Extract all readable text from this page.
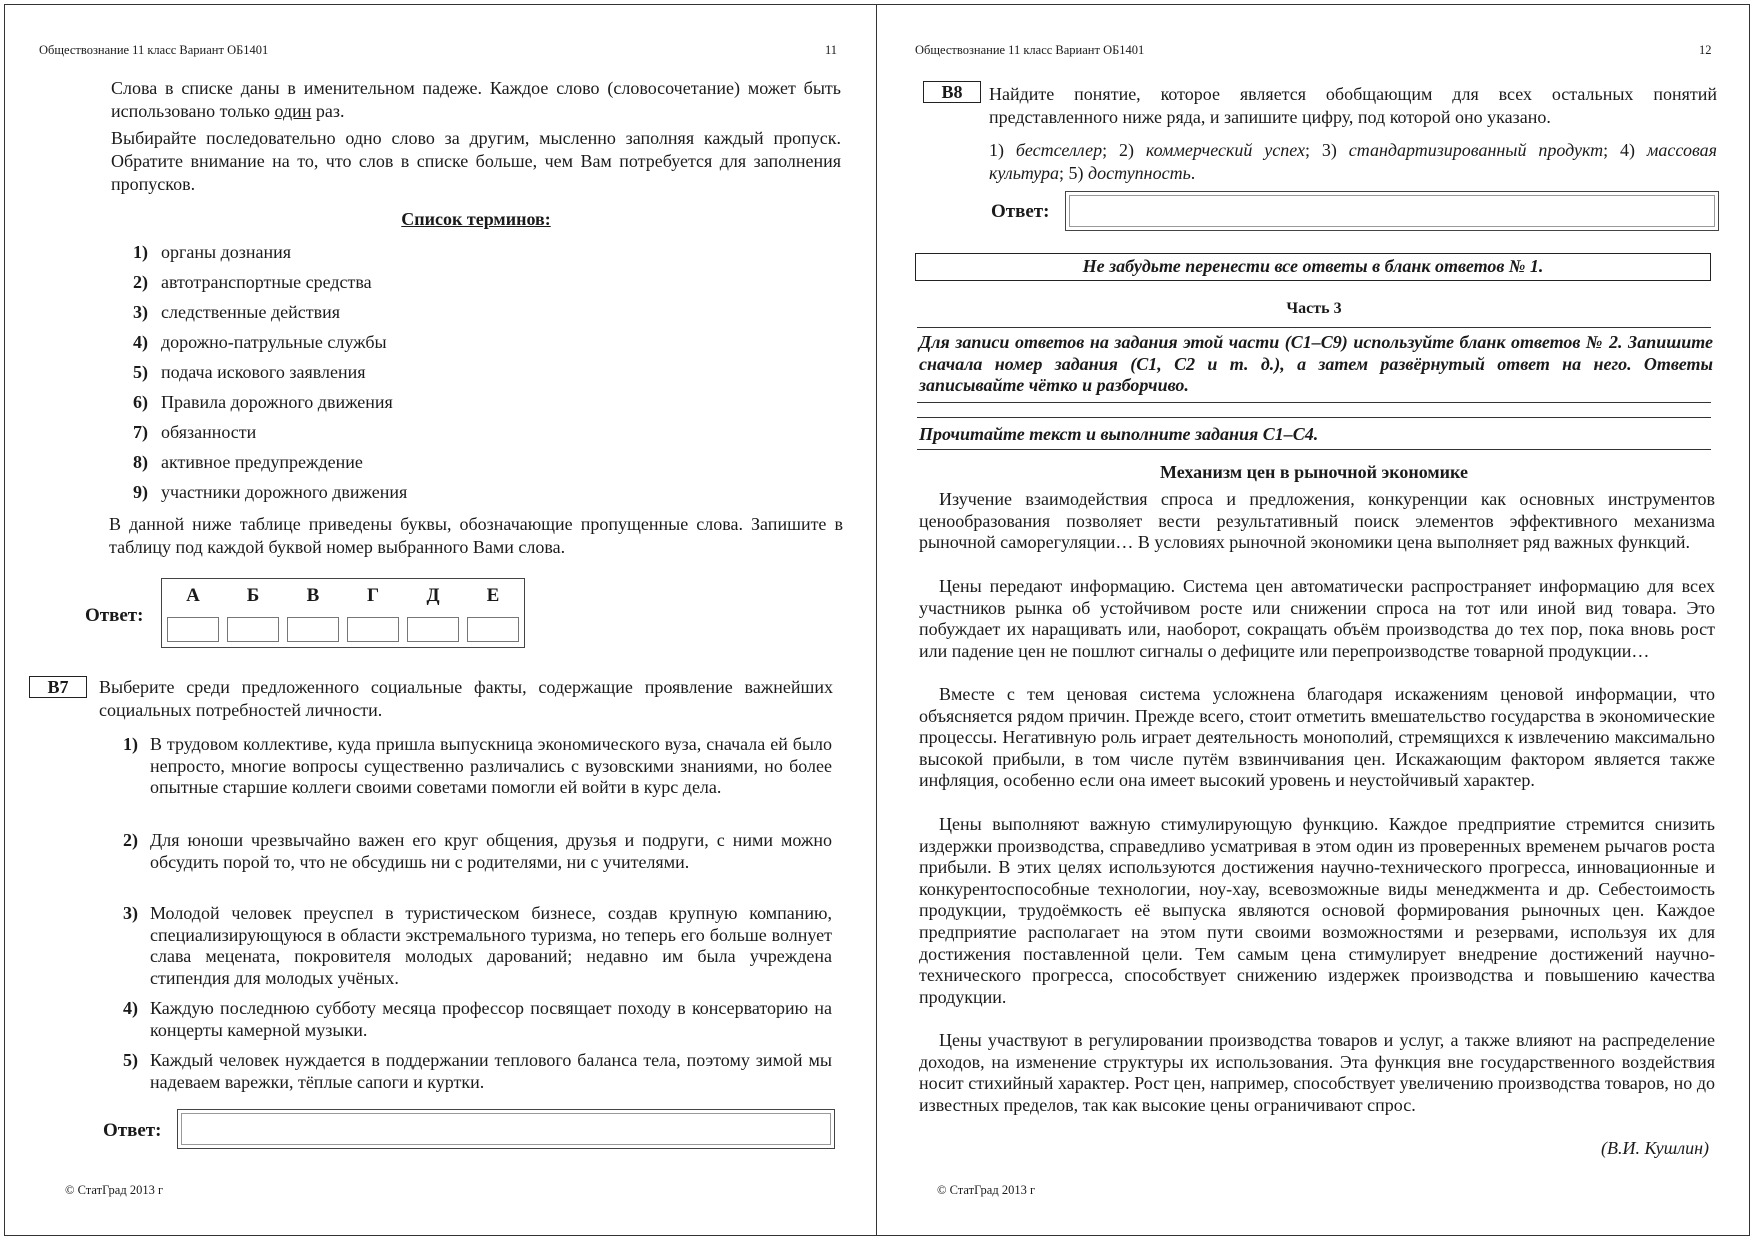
Обществознание 11 класс Вариант ОБ1401	11
Слова в списке даны в именительном падеже. Каждое слово (словосочетание) может быть использовано только один раз.
Выбирайте последовательно одно слово за другим, мысленно заполняя каждый пропуск. Обратите внимание на то, что слов в списке больше, чем Вам потребуется для заполнения пропусков.
Список терминов:
1) органы дознания
2) автотранспортные средства
3) следственные действия
4) дорожно-патрульные службы
5) подача искового заявления
6) Правила дорожного движения
7) обязанности
8) активное предупреждение
9) участники дорожного движения
В данной ниже таблице приведены буквы, обозначающие пропущенные слова. Запишите в таблицу под каждой буквой номер выбранного Вами слова.
Ответ:
А	Б	В	Г	Д	Е
B7	Выберите среди предложенного социальные факты, содержащие проявление важнейших социальных потребностей личности.
1) В трудовом коллективе, куда пришла выпускница экономического вуза, сначала ей было непросто, многие вопросы существенно различались с вузовскими знаниями, но более опытные старшие коллеги своими советами помогли ей войти в курс дела.
2) Для юноши чрезвычайно важен его круг общения, друзья и подруги, с ними можно обсудить порой то, что не обсудишь ни с родителями, ни с учителями.
3) Молодой человек преуспел в туристическом бизнесе, создав крупную компанию, специализирующуюся в области экстремального туризма, но теперь его больше волнует слава мецената, покровителя молодых дарований; недавно им была учреждена стипендия для молодых учёных.
4) Каждую последнюю субботу месяца профессор посвящает походу в консерваторию на концерты камерной музыки.
5) Каждый человек нуждается в поддержании теплового баланса тела, поэтому зимой мы надеваем варежки, тёплые сапоги и куртки.
Ответ:
© СтатГрад 2013 г
Обществознание 11 класс Вариант ОБ1401	12
B8	Найдите понятие, которое является обобщающим для всех остальных понятий представленного ниже ряда, и запишите цифру, под которой оно указано.
1) бестселлер; 2) коммерческий успех; 3) стандартизированный продукт; 4) массовая культура; 5) доступность.
Ответ:
Не забудьте перенести все ответы в бланк ответов № 1.
Часть 3
Для записи ответов на задания этой части (С1–С9) используйте бланк ответов № 2. Запишите сначала номер задания (С1, С2 и т. д.), а затем развёрнутый ответ на него. Ответы записывайте чётко и разборчиво.
Прочитайте текст и выполните задания С1–С4.
Механизм цен в рыночной экономике
Изучение взаимодействия спроса и предложения, конкуренции как основных инструментов ценообразования позволяет вести результативный поиск элементов эффективного механизма рыночной саморегуляции… В условиях рыночной экономики цена выполняет ряд важных функций.
Цены передают информацию. Система цен автоматически распространяет информацию для всех участников рынка об устойчивом росте или снижении спроса на тот или иной вид товара. Это побуждает их наращивать или, наоборот, сокращать объём производства до тех пор, пока вновь рост или падение цен не пошлют сигналы о дефиците или перепроизводстве товарной продукции…
Вместе с тем ценовая система усложнена благодаря искажениям ценовой информации, что объясняется рядом причин. Прежде всего, стоит отметить вмешательство государства в экономические процессы. Негативную роль играет деятельность монополий, стремящихся к извлечению максимально высокой прибыли, в том числе путём взвинчивания цен. Искажающим фактором является также инфляция, особенно если она имеет высокий уровень и неустойчивый характер.
Цены выполняют важную стимулирующую функцию. Каждое предприятие стремится снизить издержки производства, справедливо усматривая в этом один из проверенных временем рычагов роста прибыли. В этих целях используются достижения научно-технического прогресса, инновационные и конкурентоспособные технологии, ноу-хау, всевозможные виды менеджмента и др. Себестоимость продукции, трудоёмкость её выпуска являются основой формирования рыночных цен. Каждое предприятие располагает на этом пути своими возможностями и резервами, используя их для достижения поставленной цели. Тем самым цена стимулирует внедрение достижений научно-технического прогресса, способствует снижению издержек производства и повышению качества продукции.
Цены участвуют в регулировании производства товаров и услуг, а также влияют на распределение доходов, на изменение структуры их использования. Эта функция вне государственного воздействия носит стихийный характер. Рост цен, например, способствует увеличению производства товаров, но до известных пределов, так как высокие цены ограничивают спрос.
(В.И. Кушлин)
© СтатГрад 2013 г
